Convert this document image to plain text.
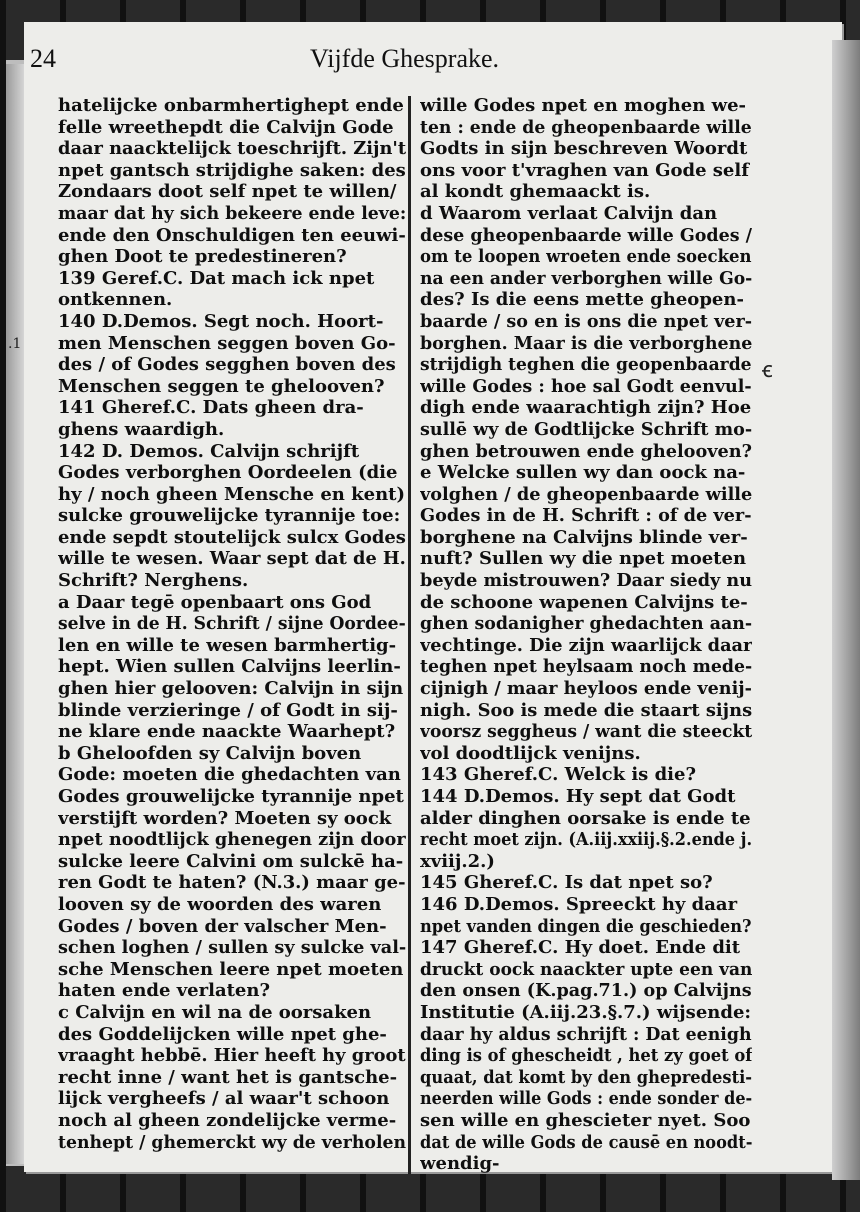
24	Vijfde Ghesprake.
hatelijcke onbarmhertighept ende
felle wreethepdt die Calvijn Gode
daar naacktelijck toeschrijft. Zijn't
npet gantsch strijdighe saken: des
Zondaars doot self npet te willen/
maar dat hy sich bekeere ende leve:
ende den Onschuldigen ten eeuwi-
ghen Doot te predestineren?
139 Geref.C. Dat mach ick npet
ontkennen.
140 D.Demos. Segt noch. Hoort-
men Menschen seggen boven Go-
des / of Godes segghen boven des
Menschen seggen te ghelooven?
141 Gheref.C. Dats gheen dra-
ghens waardigh.
142 D. Demos. Calvijn schrijft
Godes verborghen Oordeelen (die
hy / noch gheen Mensche en kent)
sulcke grouwelijcke tyrannije toe:
ende sepdt stoutelijck sulcx Godes
wille te wesen. Waar sept dat de H.
Schrift? Nerghens.
a Daar tegē openbaart ons God
selve in de H. Schrift / sijne Oordee-
len en wille te wesen barmhertig-
hept. Wien sullen Calvijns leerlin-
ghen hier gelooven: Calvijn in sijn
blinde verzieringe / of Godt in sij-
ne klare ende naackte Waarhept?
b Gheloofden sy Calvijn boven
Gode: moeten die ghedachten van
Godes grouwelijcke tyrannije npet
verstijft worden? Moeten sy oock
npet noodtlijck ghenegen zijn door
sulcke leere Calvini om sulckē ha-
ren Godt te haten? (N.3.) maar ge-
looven sy de woorden des waren
Godes / boven der valscher Men-
schen loghen / sullen sy sulcke val-
sche Menschen leere npet moeten
haten ende verlaten?
c Calvijn en wil na de oorsaken
des Goddelijcken wille npet ghe-
vraaght hebbē. Hier heeft hy groot
recht inne / want het is gantsche-
lijck vergheefs / al waar't schoon
noch al gheen zondelijcke verme-
tenhept / ghemerckt wy de verholen
wille Godes npet en moghen we-
ten : ende de gheopenbaarde wille
Godts in sijn beschreven Woordt
ons voor t'vraghen van Gode self
al kondt ghemaackt is.
d Waarom verlaat Calvijn dan
dese gheopenbaarde wille Godes /
om te loopen wroeten ende soecken
na een ander verborghen wille Go-
des? Is die eens mette gheopen-
baarde / so en is ons die npet ver-
borghen. Maar is die verborghene
strijdigh teghen die geopenbaarde
wille Godes : hoe sal Godt eenvul-
digh ende waarachtigh zijn? Hoe
sullē wy de Godtlijcke Schrift mo-
ghen betrouwen ende ghelooven?
e Welcke sullen wy dan oock na-
volghen / de gheopenbaarde wille
Godes in de H. Schrift : of de ver-
borghene na Calvijns blinde ver-
nuft? Sullen wy die npet moeten
beyde mistrouwen? Daar siedy nu
de schoone wapenen Calvijns te-
ghen sodanigher ghedachten aan-
vechtinge. Die zijn waarlijck daar
teghen npet heylsaam noch mede-
cijnigh / maar heyloos ende venij-
nigh. Soo is mede die staart sijns
voorsz seggheus / want die steeckt
vol doodtlijck venijns.
143 Gheref.C. Welck is die?
144 D.Demos. Hy sept dat Godt
alder dinghen oorsake is ende te
recht moet zijn. (A.iij.xxiij.§.2.ende j.
xviij.2.)
145 Gheref.C. Is dat npet so?
146 D.Demos. Spreeckt hy daar
npet vanden dingen die geschieden?
147 Gheref.C. Hy doet. Ende dit
druckt oock naackter upte een van
den onsen (K.pag.71.) op Calvijns
Institutie (A.iij.23.§.7.) wijsende:
daar hy aldus schrijft : Dat eenigh
ding is of ghescheidt , het zy goet of
quaat, dat komt by den ghepredesti-
neerden wille Gods : ende sonder de-
sen wille en ghescieter nyet. Soo
dat de wille Gods de causē en noodt-
wendig-
ꞓ
.1
